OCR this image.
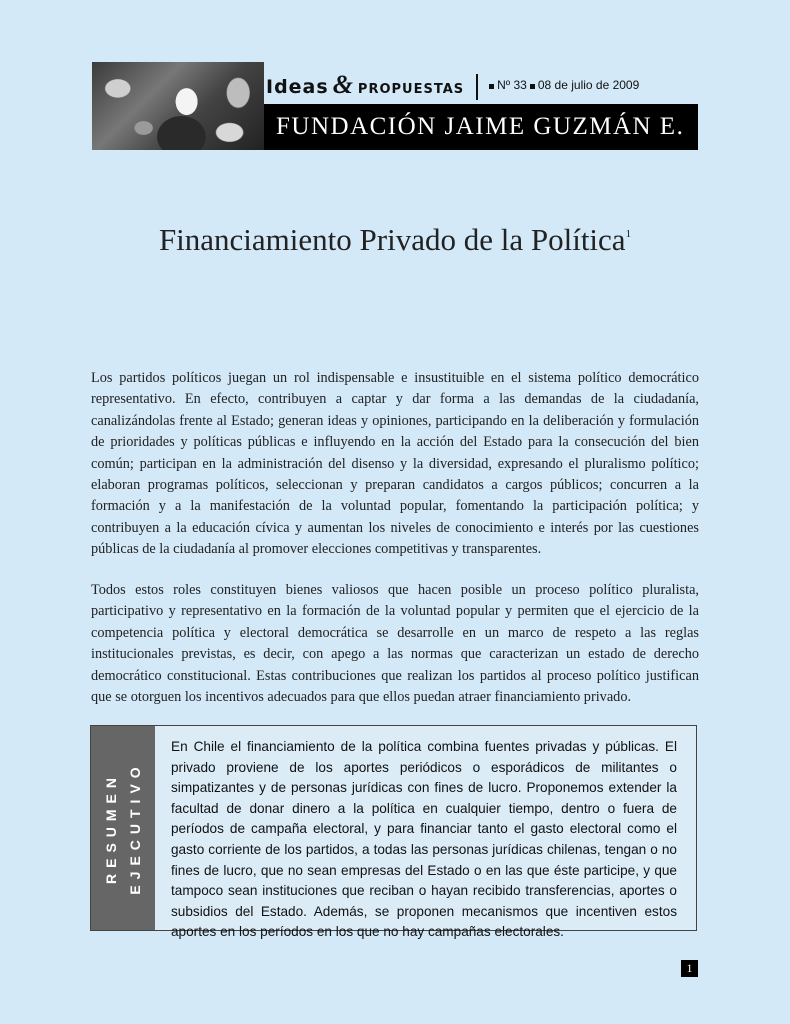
Ideas & propuestas	Nº 33 08 de julio de 2009
FUNDACIÓN JAIME GUZMÁN E.
Financiamiento Privado de la Política$^1$
Los partidos políticos juegan un rol indispensable e insustituible en el sistema político democrático representativo. En efecto, contribuyen a captar y dar forma a las demandas de la ciudadanía, canalizándolas frente al Estado; generan ideas y opiniones, participando en la deliberación y formulación de prioridades y políticas públicas e influyendo en la acción del Estado para la consecución del bien común; participan en la administración del disenso y la diversidad, expresando el pluralismo político; elaboran programas políticos, seleccionan y preparan candidatos a cargos públicos; concurren a la formación y a la manifestación de la voluntad popular, fomentando la participación política; y contribuyen a la educación cívica y aumentan los niveles de conocimiento e interés por las cuestiones públicas de la ciudadanía al promover elecciones competitivas y transparentes.
Todos estos roles constituyen bienes valiosos que hacen posible un proceso político pluralista, participativo y representativo en la formación de la voluntad popular y permiten que el ejercicio de la competencia política y electoral democrática se desarrolle en un marco de respeto a las reglas institucionales previstas, es decir, con apego a las normas que caracterizan un estado de derecho democrático constitucional. Estas contribuciones que realizan los partidos al proceso político justifican que se otorguen los incentivos adecuados para que ellos puedan atraer financiamiento privado.
RESUMEN EJECUTIVO
En Chile el financiamiento de la política combina fuentes privadas y públicas. El privado proviene de los aportes periódicos o esporádicos de militantes o simpatizantes y de personas jurídicas con fines de lucro. Proponemos extender la facultad de donar dinero a la política en cualquier tiempo, dentro o fuera de períodos de campaña electoral, y para financiar tanto el gasto electoral como el gasto corriente de los partidos, a todas las personas jurídicas chilenas, tengan o no fines de lucro, que no sean empresas del Estado o en las que éste participe, y que tampoco sean instituciones que reciban o hayan recibido transferencias, aportes o subsidios del Estado. Además, se proponen mecanismos que incentiven estos aportes en los períodos en los que no hay campañas electorales.
1
